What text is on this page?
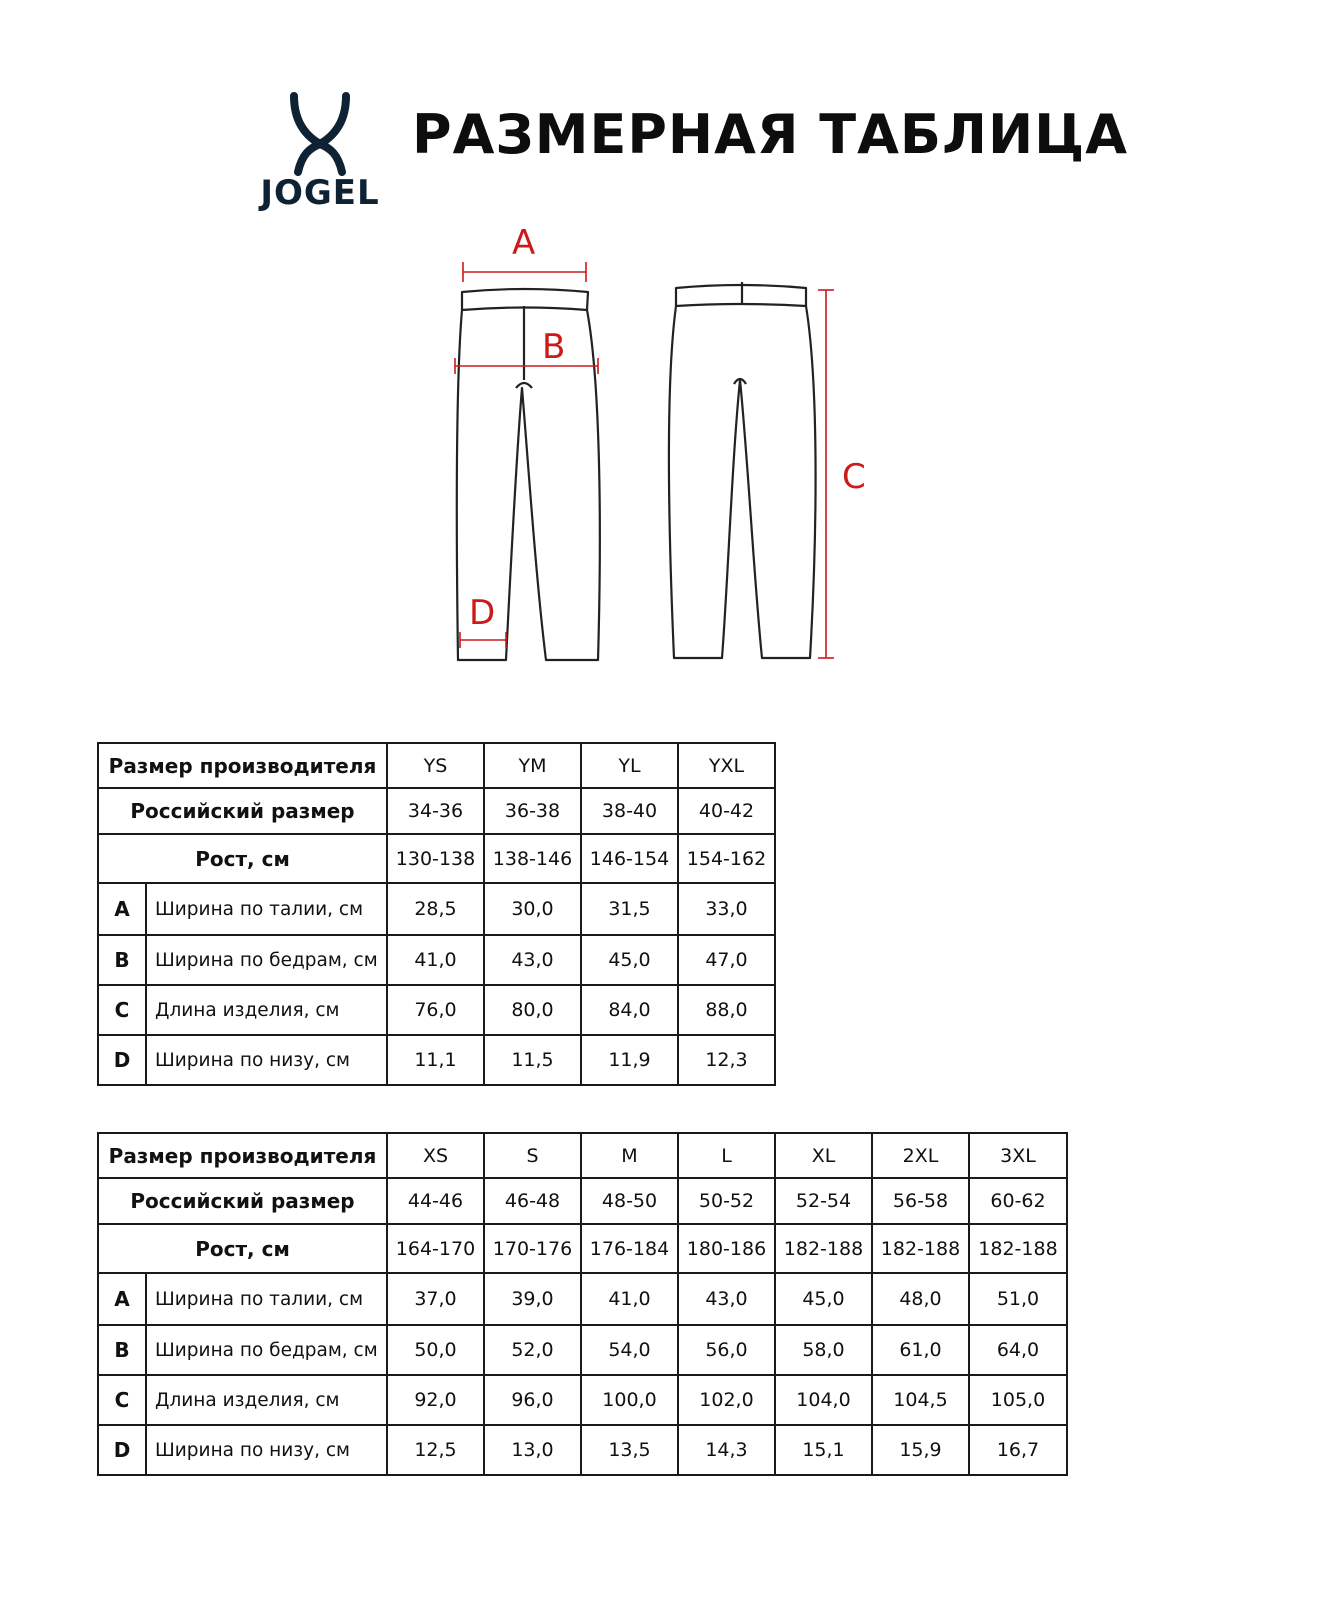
JOGEL
РАЗМЕРНАЯ ТАБЛИЦА
A
B
C
D
Размер производителя		YS	YM	YL	YXL
Российский размер		34-36	36-38	38-40	40-42
Рост, см		130-138	138-146	146-154	154-162
A	Ширина по талии, см	28,5	30,0	31,5	33,0
B	Ширина по бедрам, см	41,0	43,0	45,0	47,0
C	Длина изделия, см	76,0	80,0	84,0	88,0
D	Ширина по низу, см	11,1	11,5	11,9	12,3
Размер производителя		XS	S	M	L	XL	2XL	3XL
Российский размер		44-46	46-48	48-50	50-52	52-54	56-58	60-62
Рост, см		164-170	170-176	176-184	180-186	182-188	182-188	182-188
A	Ширина по талии, см	37,0	39,0	41,0	43,0	45,0	48,0	51,0
B	Ширина по бедрам, см	50,0	52,0	54,0	56,0	58,0	61,0	64,0
C	Длина изделия, см	92,0	96,0	100,0	102,0	104,0	104,5	105,0
D	Ширина по низу, см	12,5	13,0	13,5	14,3	15,1	15,9	16,7
